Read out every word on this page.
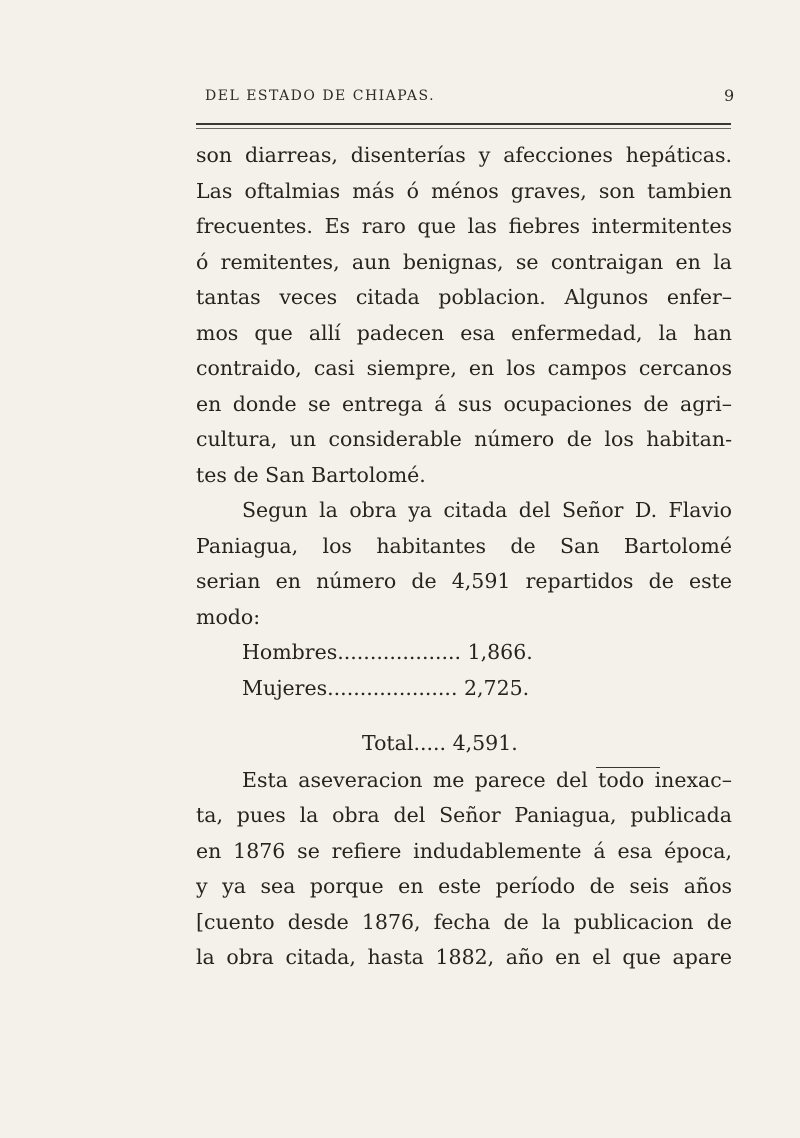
DEL ESTADO DE CHIAPAS.	9
son diarreas, disenterías y afecciones hepáticas.
Las oftalmias más ó ménos graves, son tambien
frecuentes. Es raro que las fiebres intermitentes
ó remitentes, aun benignas, se contraigan en la
tantas veces citada poblacion. Algunos enfer–
mos que allí padecen esa enfermedad, la han
contraido, casi siempre, en los campos cercanos
en donde se entrega á sus ocupaciones de agri–
cultura, un considerable número de los habitan-
tes de San Bartolomé.
Segun la obra ya citada del Señor D. Flavio
Paniagua, los habitantes de San Bartolomé
serian en número de 4,591 repartidos de este
modo:
Hombres................... 1,866.
Mujeres.................... 2,725.
Total..... 4,591.
Esta aseveracion me parece del todo inexac–
ta, pues la obra del Señor Paniagua, publicada
en 1876 se refiere indudablemente á esa época,
y ya sea porque en este período de seis años
[cuento desde 1876, fecha de la publicacion de
la obra citada, hasta 1882, año en el que apare
